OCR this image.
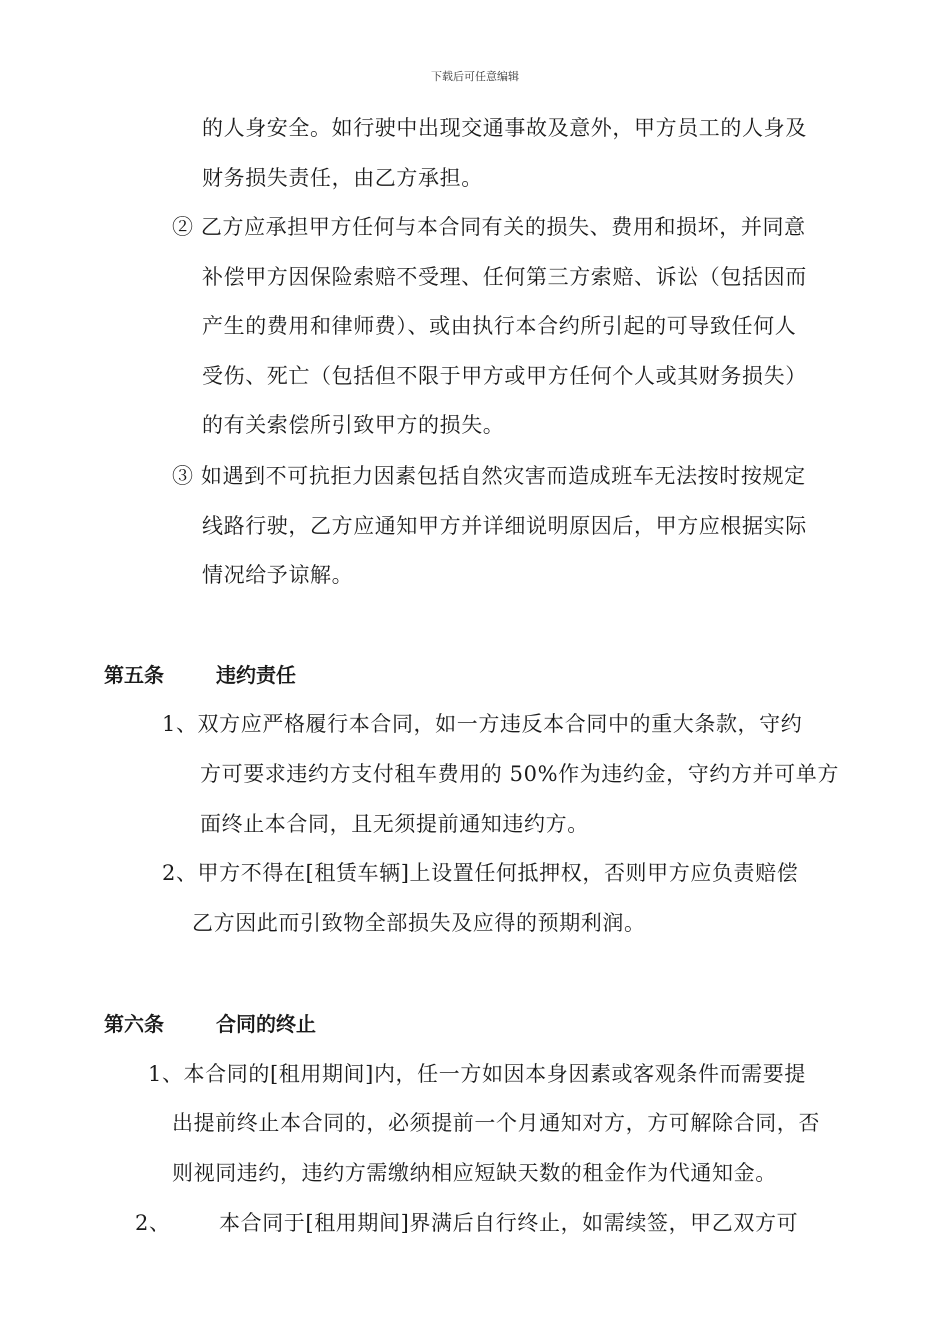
下载后可任意编辑
的人身安全。如行驶中出现交通事故及意外，甲方员工的人身及
财务损失责任，由乙方承担。
② 乙方应承担甲方任何与本合同有关的损失、费用和损坏，并同意
补偿甲方因保险索赔不受理、任何第三方索赔、诉讼（包括因而
产生的费用和律师费）、或由执行本合约所引起的可导致任何人
受伤、死亡（包括但不限于甲方或甲方任何个人或其财务损失）
的有关索偿所引致甲方的损失。
③ 如遇到不可抗拒力因素包括自然灾害而造成班车无法按时按规定
线路行驶，乙方应通知甲方并详细说明原因后，甲方应根据实际
情况给予谅解。
第五条	违约责任
1、双方应严格履行本合同，如一方违反本合同中的重大条款，守约
方可要求违约方支付租车费用的 50%作为违约金，守约方并可单方
面终止本合同，且无须提前通知违约方。
2、甲方不得在[租赁车辆]上设置任何抵押权，否则甲方应负责赔偿
乙方因此而引致物全部损失及应得的预期利润。
第六条	合同的终止
1、本合同的[租用期间]内，任一方如因本身因素或客观条件而需要提
出提前终止本合同的，必须提前一个月通知对方，方可解除合同，否
则视同违约，违约方需缴纳相应短缺天数的租金作为代通知金。
2、 本合同于[租用期间]界满后自行终止，如需续签，甲乙双方可
